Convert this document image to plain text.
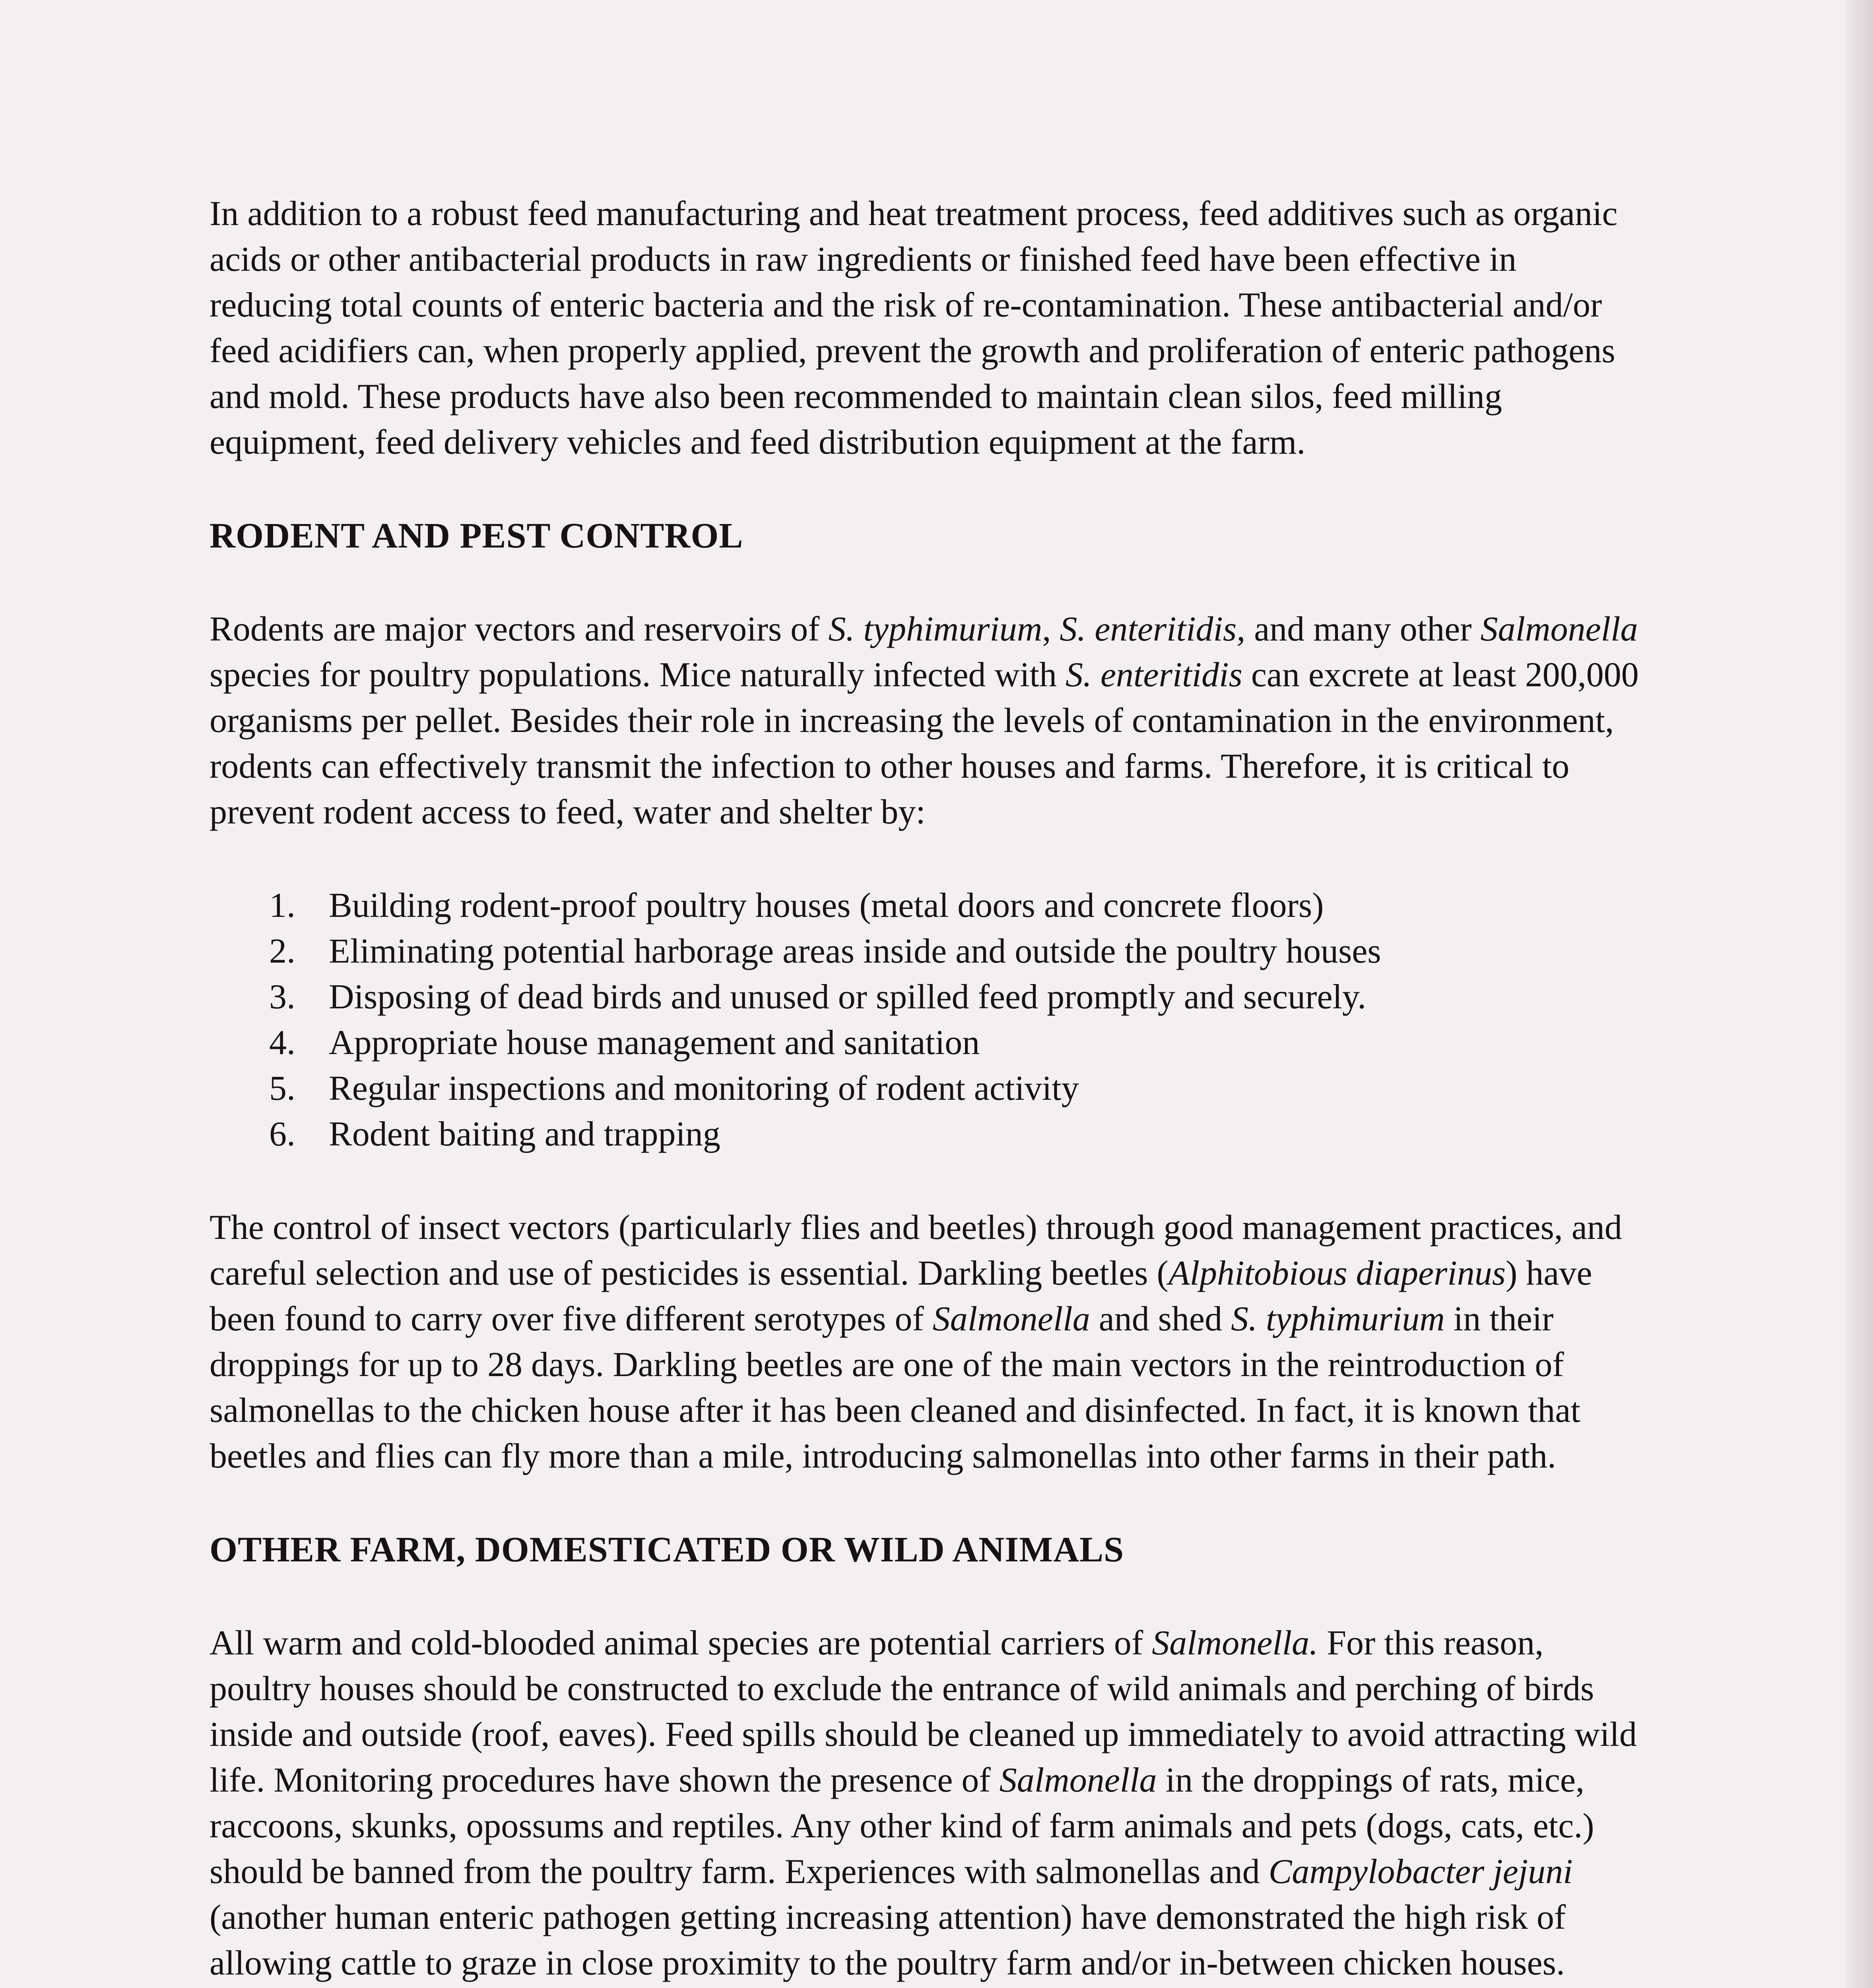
In addition to a robust feed manufacturing and heat treatment process, feed additives such as organic acids or other antibacterial products in raw ingredients or finished feed have been effective in reducing total counts of enteric bacteria and the risk of re-contamination. These antibacterial and/or feed acidifiers can, when properly applied, prevent the growth and proliferation of enteric pathogens and mold. These products have also been recommended to maintain clean silos, feed milling equipment, feed delivery vehicles and feed distribution equipment at the farm.

RODENT AND PEST CONTROL

Rodents are major vectors and reservoirs of S. typhimurium, S. enteritidis, and many other Salmonella species for poultry populations. Mice naturally infected with S. enteritidis can excrete at least 200,000 organisms per pellet. Besides their role in increasing the levels of contamination in the environment, rodents can effectively transmit the infection to other houses and farms. Therefore, it is critical to prevent rodent access to feed, water and shelter by:

1. Building rodent-proof poultry houses (metal doors and concrete floors)
2. Eliminating potential harborage areas inside and outside the poultry houses
3. Disposing of dead birds and unused or spilled feed promptly and securely.
4. Appropriate house management and sanitation
5. Regular inspections and monitoring of rodent activity
6. Rodent baiting and trapping

The control of insect vectors (particularly flies and beetles) through good management practices, and careful selection and use of pesticides is essential. Darkling beetles (Alphitobious diaperinus) have been found to carry over five different serotypes of Salmonella and shed S. typhimurium in their droppings for up to 28 days. Darkling beetles are one of the main vectors in the reintroduction of salmonellas to the chicken house after it has been cleaned and disinfected. In fact, it is known that beetles and flies can fly more than a mile, introducing salmonellas into other farms in their path.

OTHER FARM, DOMESTICATED OR WILD ANIMALS

All warm and cold-blooded animal species are potential carriers of Salmonella. For this reason, poultry houses should be constructed to exclude the entrance of wild animals and perching of birds inside and outside (roof, eaves). Feed spills should be cleaned up immediately to avoid attracting wild life. Monitoring procedures have shown the presence of Salmonella in the droppings of rats, mice, raccoons, skunks, opossums and reptiles. Any other kind of farm animals and pets (dogs, cats, etc.) should be banned from the poultry farm. Experiences with salmonellas and Campylobacter jejuni (another human enteric pathogen getting increasing attention) have demonstrated the high risk of allowing cattle to graze in close proximity to the poultry farm and/or in-between chicken houses.
